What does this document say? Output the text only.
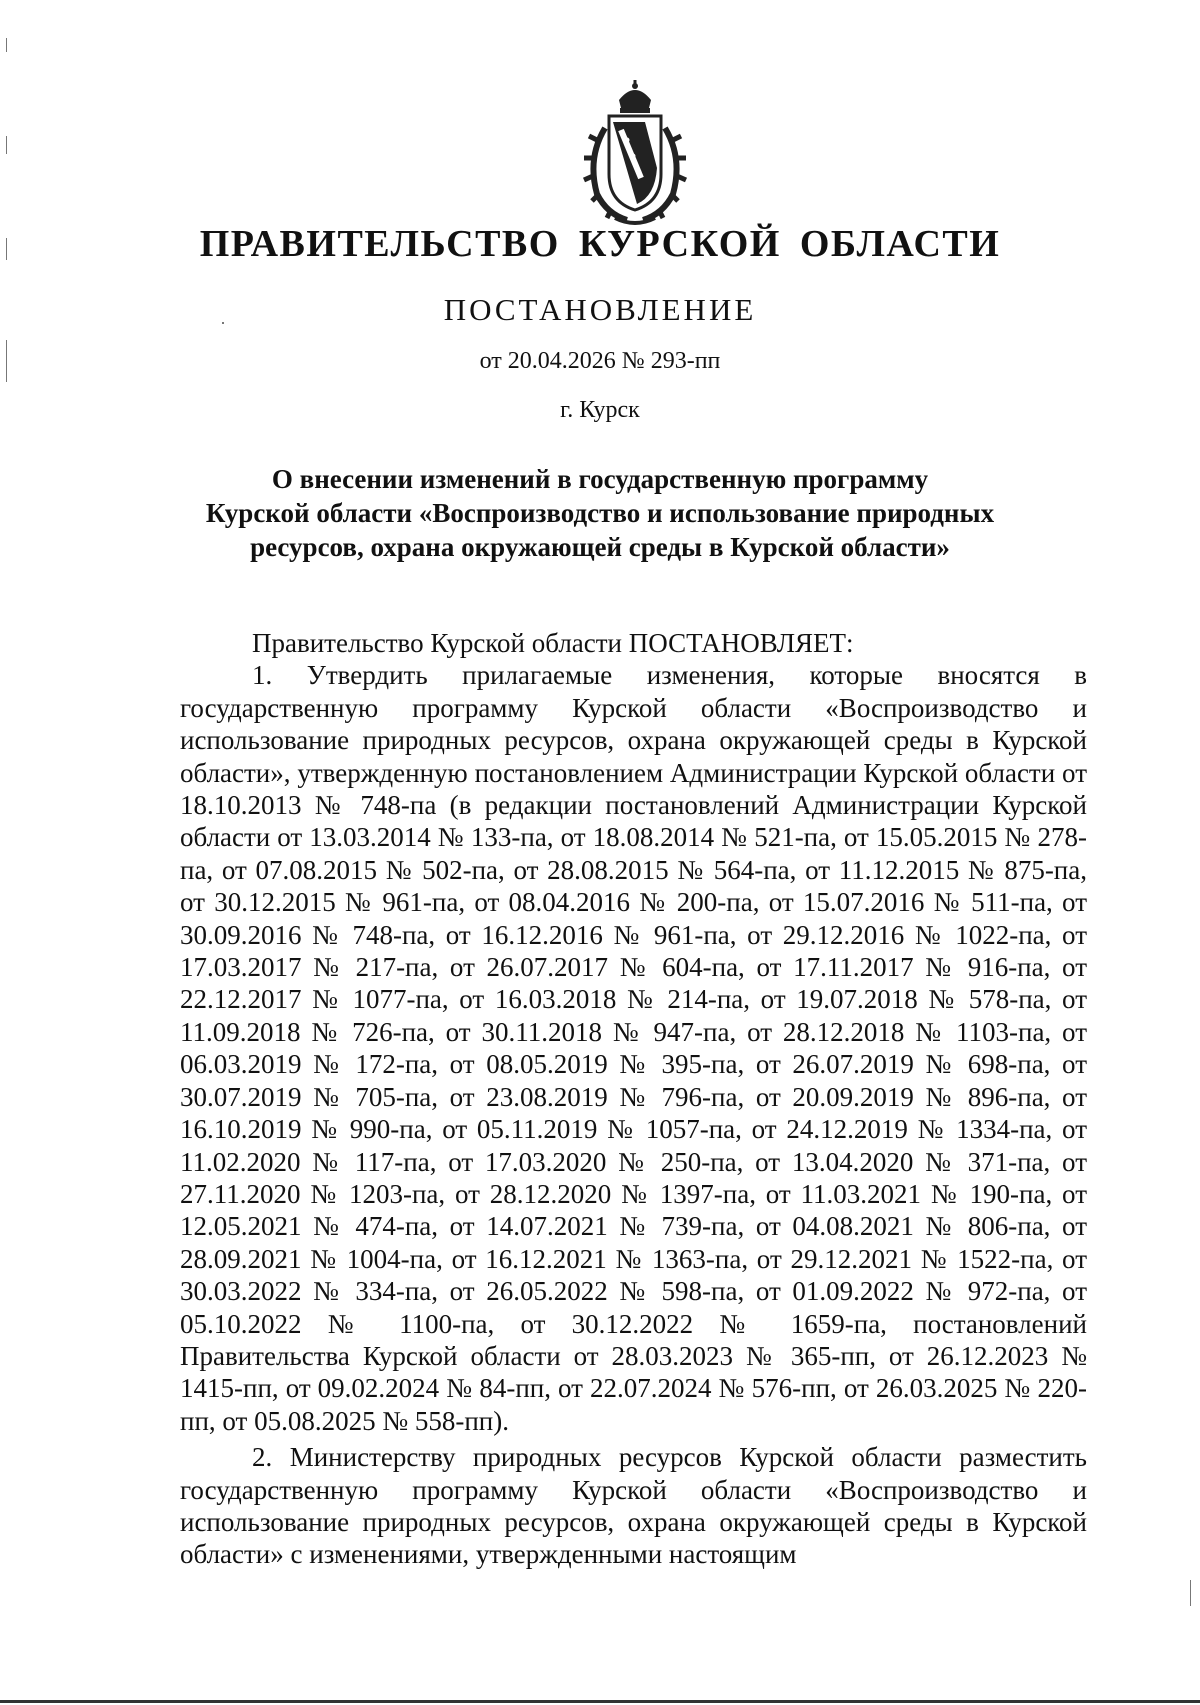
ПРАВИТЕЛЬСТВО КУРСКОЙ ОБЛАСТИ
ПОСТАНОВЛЕНИЕ
от 20.04.2026 № 293-пп
г. Курск
О внесении изменений в государственную программу
Курской области «Воспроизводство и использование природных
ресурсов, охрана окружающей среды в Курской области»

Правительство Курской области ПОСТАНОВЛЯЕТ:

1. Утвердить прилагаемые изменения, которые вносятся в государственную программу Курской области «Воспроизводство и использование природных ресурсов, охрана окружающей среды в Курской области», утвержденную постановлением Администрации Курской области от 18.10.2013 № 748-па (в редакции постановлений Администрации Курской области от 13.03.2014 № 133-па, от 18.08.2014 № 521-па, от 15.05.2015 № 278-па, от 07.08.2015 № 502-па, от 28.08.2015 № 564-па, от 11.12.2015 № 875-па, от 30.12.2015 № 961-па, от 08.04.2016 № 200-па, от 15.07.2016 № 511-па, от 30.09.2016 № 748-па, от 16.12.2016 № 961-па, от 29.12.2016 № 1022-па, от 17.03.2017 № 217-па, от 26.07.2017 № 604-па, от 17.11.2017 № 916-па, от 22.12.2017 № 1077-па, от 16.03.2018 № 214-па, от 19.07.2018 № 578-па, от 11.09.2018 № 726-па, от 30.11.2018 № 947-па, от 28.12.2018 № 1103-па, от 06.03.2019 № 172-па, от 08.05.2019 № 395-па, от 26.07.2019 № 698-па, от 30.07.2019 № 705-па, от 23.08.2019 № 796-па, от 20.09.2019 № 896-па, от 16.10.2019 № 990-па, от 05.11.2019 № 1057-па, от 24.12.2019 № 1334-па, от 11.02.2020 № 117-па, от 17.03.2020 № 250-па, от 13.04.2020 № 371-па, от 27.11.2020 № 1203-па, от 28.12.2020 № 1397-па, от 11.03.2021 № 190-па, от 12.05.2021 № 474-па, от 14.07.2021 № 739-па, от 04.08.2021 № 806-па, от 28.09.2021 № 1004-па, от 16.12.2021 № 1363-па, от 29.12.2021 № 1522-па, от 30.03.2022 № 334-па, от 26.05.2022 № 598-па, от 01.09.2022 № 972-па, от 05.10.2022 № 1100-па, от 30.12.2022 № 1659-па, постановлений Правительства Курской области от 28.03.2023 № 365-пп, от 26.12.2023 № 1415-пп, от 09.02.2024 № 84-пп, от 22.07.2024 № 576-пп, от 26.03.2025 № 220-пп, от 05.08.2025 № 558-пп).

2. Министерству природных ресурсов Курской области разместить государственную программу Курской области «Воспроизводство и использование природных ресурсов, охрана окружающей среды в Курской области» с изменениями, утвержденными настоящим
